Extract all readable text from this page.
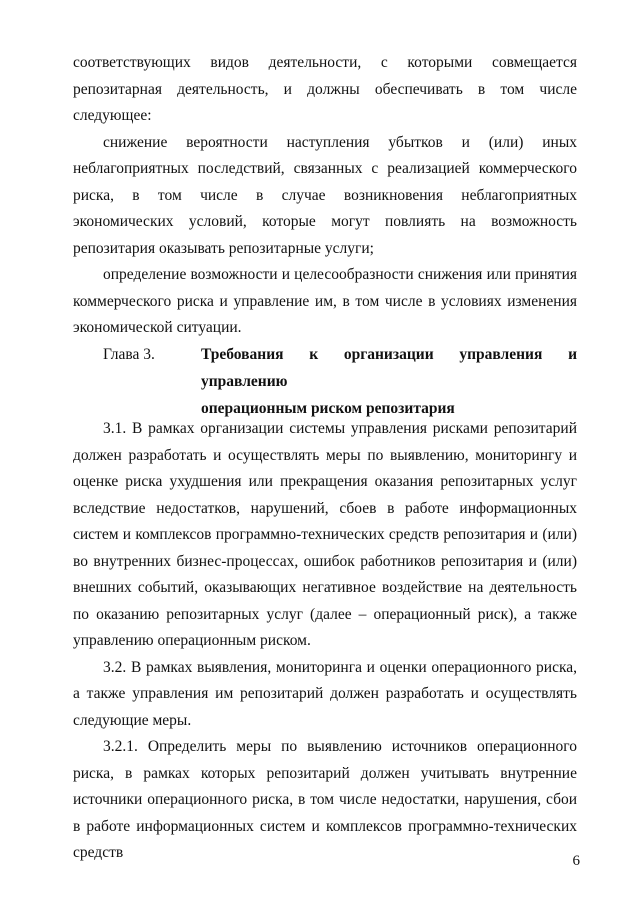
соответствующих видов деятельности, с которыми совмещается репозитарная деятельность, и должны обеспечивать в том числе следующее:

снижение вероятности наступления убытков и (или) иных неблагоприятных последствий, связанных с реализацией коммерческого риска, в том числе в случае возникновения неблагоприятных экономических условий, которые могут повлиять на возможность репозитария оказывать репозитарные услуги;

определение возможности и целесообразности снижения или принятия коммерческого риска и управление им, в том числе в условиях изменения экономической ситуации.

Глава 3.	Требования к организации управления и управлению
операционным риском репозитария

3.1. В рамках организации системы управления рисками репозитарий должен разработать и осуществлять меры по выявлению, мониторингу и оценке риска ухудшения или прекращения оказания репозитарных услуг вследствие недостатков, нарушений, сбоев в работе информационных систем и комплексов программно-технических средств репозитария и (или) во внутренних бизнес-процессах, ошибок работников репозитария и (или) внешних событий, оказывающих негативное воздействие на деятельность по оказанию репозитарных услуг (далее – операционный риск), а также управлению операционным риском.

3.2. В рамках выявления, мониторинга и оценки операционного риска, а также управления им репозитарий должен разработать и осуществлять следующие меры.

3.2.1. Определить меры по выявлению источников операционного риска, в рамках которых репозитарий должен учитывать внутренние источники операционного риска, в том числе недостатки, нарушения, сбои в работе информационных систем и комплексов программно-технических средств	6
